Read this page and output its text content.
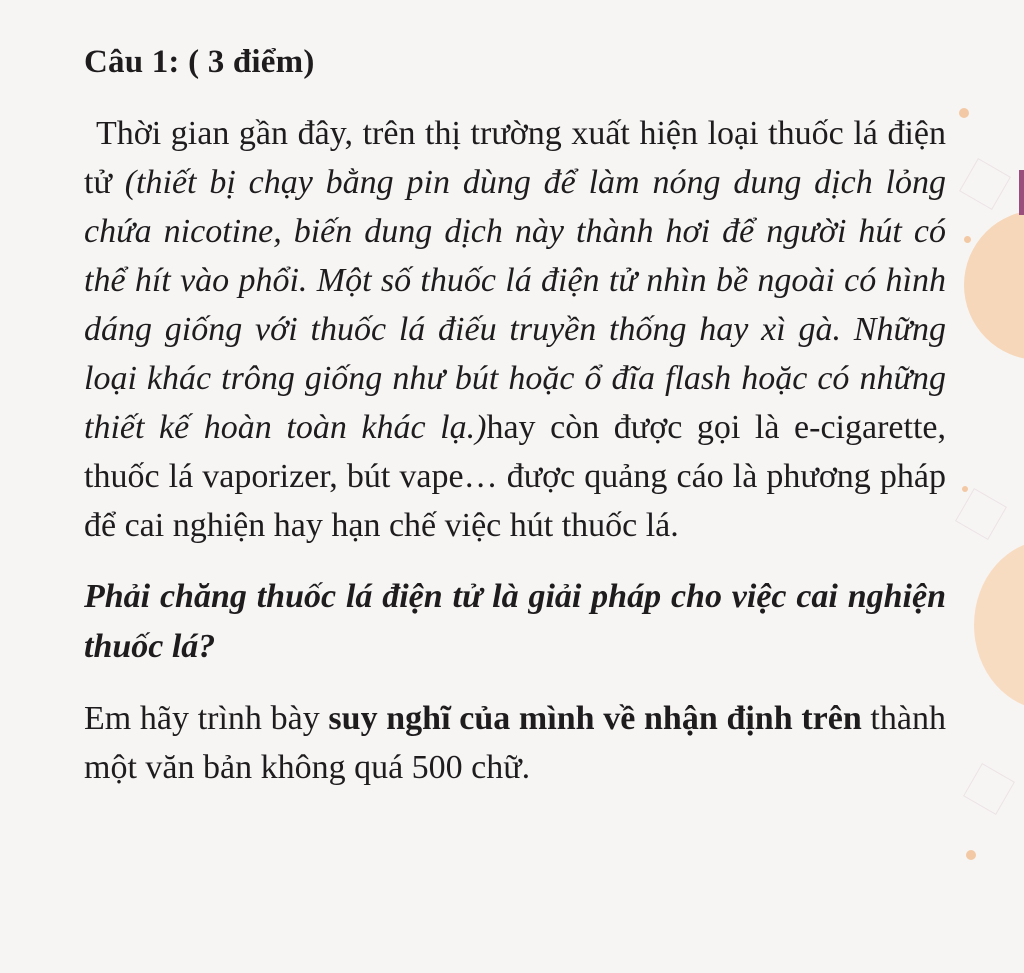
Câu 1: ( 3 điểm)

Thời gian gần đây, trên thị trường xuất hiện loại thuốc lá điện tử (thiết bị chạy bằng pin dùng để làm nóng dung dịch lỏng chứa nicotine, biến dung dịch này thành hơi để người hút có thể hít vào phổi. Một số thuốc lá điện tử nhìn bề ngoài có hình dáng giống với thuốc lá điếu truyền thống hay xì gà. Những loại khác trông giống như bút hoặc ổ đĩa flash hoặc có những thiết kế hoàn toàn khác lạ.)hay còn được gọi là e-cigarette, thuốc lá vaporizer, bút vape… được quảng cáo là phương pháp để cai nghiện hay hạn chế việc hút thuốc lá.

Phải chăng thuốc lá điện tử là giải pháp cho việc cai nghiện thuốc lá?

Em hãy trình bày suy nghĩ của mình về nhận định trên thành một văn bản không quá 500 chữ.
